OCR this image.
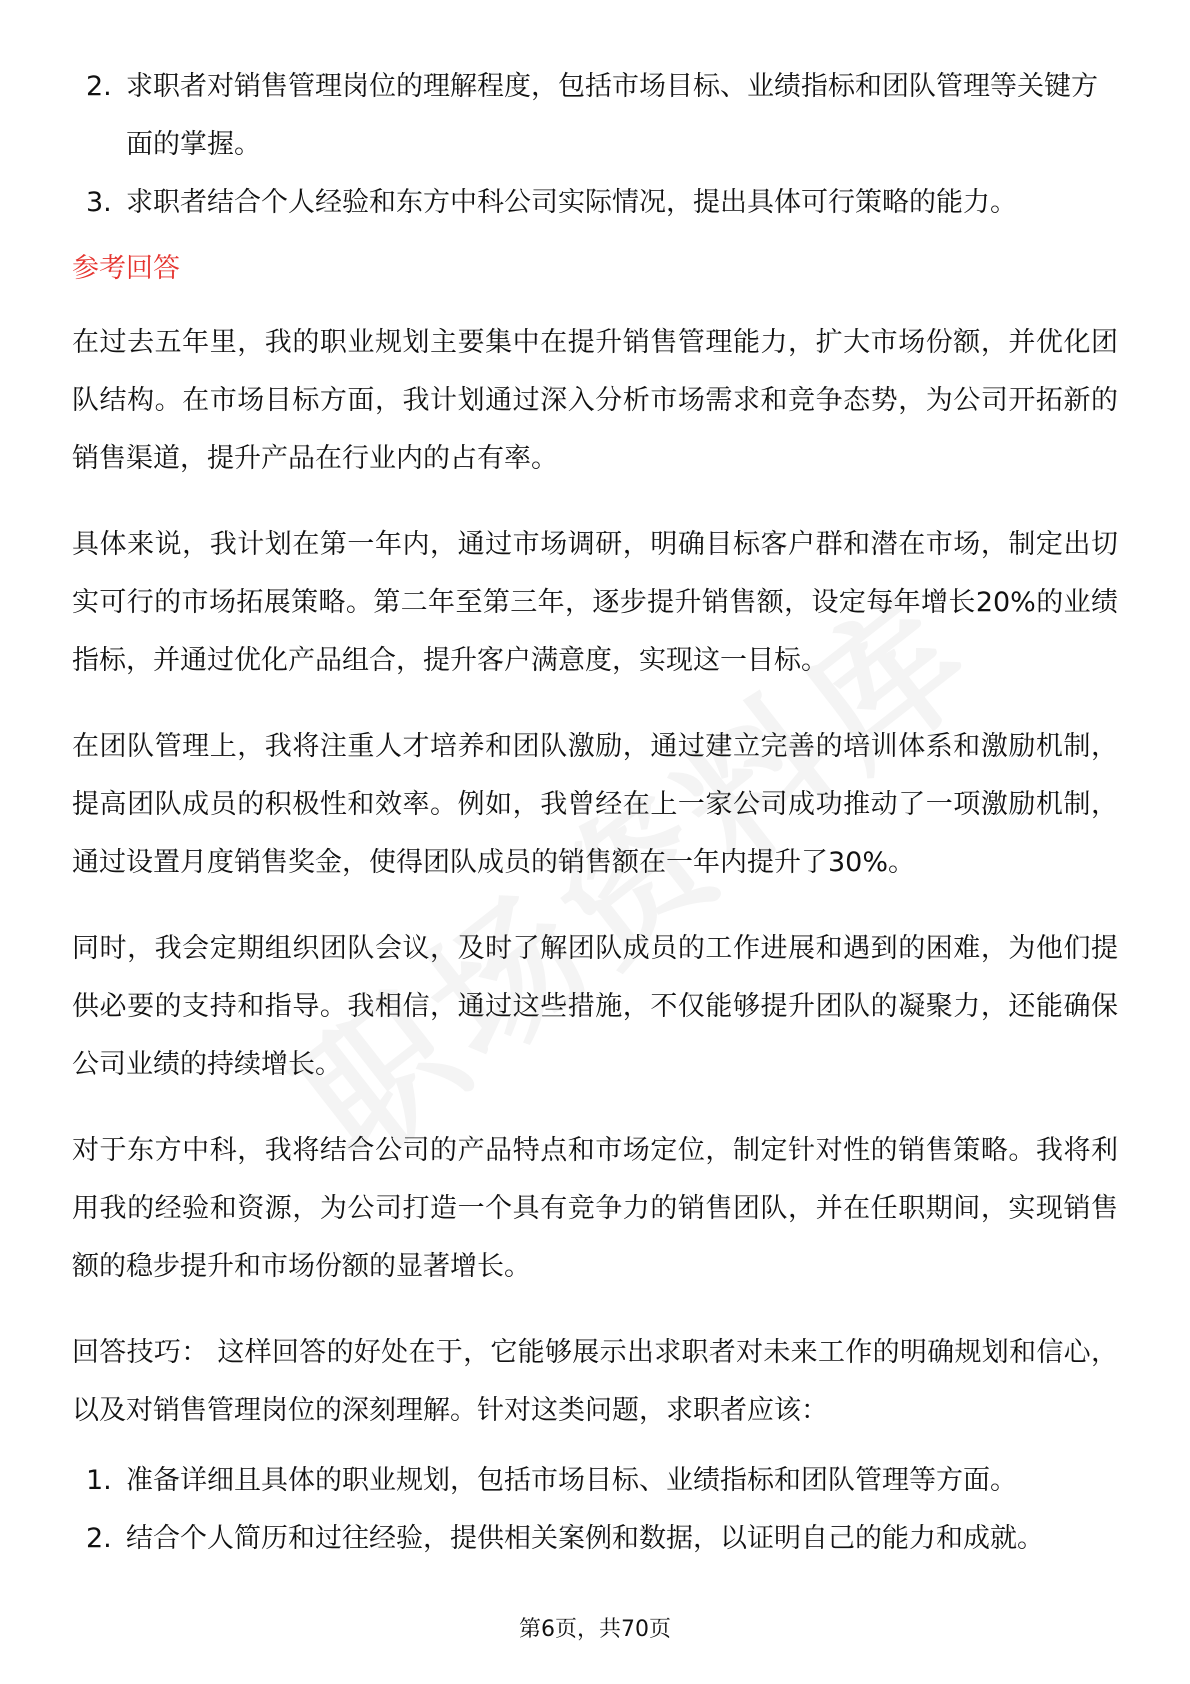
2. 求职者对销售管理岗位的理解程度，包括市场目标、业绩指标和团队管理等关键方面的掌握。
3. 求职者结合个人经验和东方中科公司实际情况，提出具体可行策略的能力。
参考回答

在过去五年里，我的职业规划主要集中在提升销售管理能力，扩大市场份额，并优化团队结构。在市场目标方面，我计划通过深入分析市场需求和竞争态势，为公司开拓新的销售渠道，提升产品在行业内的占有率。

具体来说，我计划在第一年内，通过市场调研，明确目标客户群和潜在市场，制定出切实可行的市场拓展策略。第二年至第三年，逐步提升销售额，设定每年增长20%的业绩指标，并通过优化产品组合，提升客户满意度，实现这一目标。

在团队管理上，我将注重人才培养和团队激励，通过建立完善的培训体系和激励机制，提高团队成员的积极性和效率。例如，我曾经在上一家公司成功推动了一项激励机制，通过设置月度销售奖金，使得团队成员的销售额在一年内提升了30%。

同时，我会定期组织团队会议，及时了解团队成员的工作进展和遇到的困难，为他们提供必要的支持和指导。我相信，通过这些措施，不仅能够提升团队的凝聚力，还能确保公司业绩的持续增长。

对于东方中科，我将结合公司的产品特点和市场定位，制定针对性的销售策略。我将利用我的经验和资源，为公司打造一个具有竞争力的销售团队，并在任职期间，实现销售额的稳步提升和市场份额的显著增长。

回答技巧： 这样回答的好处在于，它能够展示出求职者对未来工作的明确规划和信心，以及对销售管理岗位的深刻理解。针对这类问题，求职者应该：

1. 准备详细且具体的职业规划，包括市场目标、业绩指标和团队管理等方面。
2. 结合个人简历和过往经验，提供相关案例和数据，以证明自己的能力和成就。
第6页，共70页
